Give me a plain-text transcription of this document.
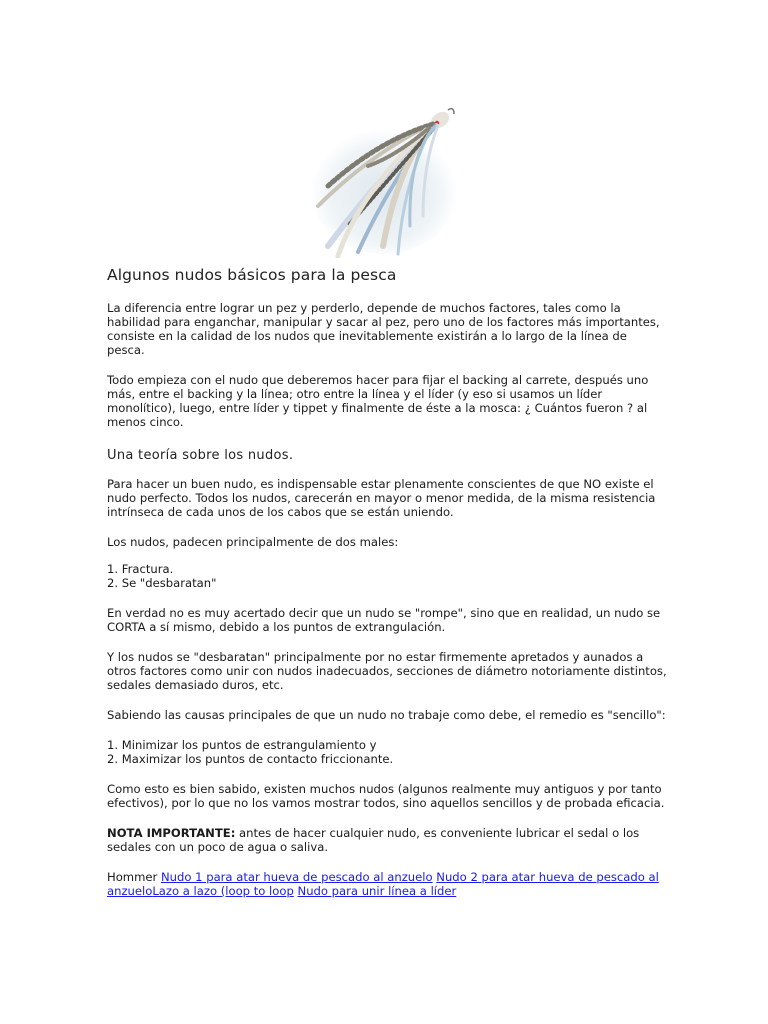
Algunos nudos básicos para la pesca

La diferencia entre lograr un pez y perderlo, depende de muchos factores, tales como la habilidad para enganchar, manipular y sacar al pez, pero uno de los factores más importantes, consiste en la calidad de los nudos que inevitablemente existirán a lo largo de la línea de pesca.

Todo empieza con el nudo que deberemos hacer para fijar el backing al carrete, después uno más, entre el backing y la línea; otro entre la línea y el líder (y eso si usamos un líder monolítico), luego, entre líder y tippet y finalmente de éste a la mosca: ¿ Cuántos fueron ? al menos cinco.

Una teoría sobre los nudos.

Para hacer un buen nudo, es indispensable estar plenamente conscientes de que NO existe el nudo perfecto. Todos los nudos, carecerán en mayor o menor medida, de la misma resistencia intrínseca de cada unos de los cabos que se están uniendo.

Los nudos, padecen principalmente de dos males:

1. Fractura.
2. Se "desbaratan"

En verdad no es muy acertado decir que un nudo se "rompe", sino que en realidad, un nudo se CORTA a sí mismo, debido a los puntos de extrangulación.

Y los nudos se "desbaratan" principalmente por no estar firmemente apretados y aunados a otros factores como unir con nudos inadecuados, secciones de diámetro notoriamente distintos, sedales demasiado duros, etc.

Sabiendo las causas principales de que un nudo no trabaje como debe, el remedio es "sencillo":

1. Minimizar los puntos de estrangulamiento y
2. Maximizar los puntos de contacto friccionante.

Como esto es bien sabido, existen muchos nudos (algunos realmente muy antiguos y por tanto efectivos), por lo que no los vamos mostrar todos, sino aquellos sencillos y de probada eficacia.

NOTA IMPORTANTE: antes de hacer cualquier nudo, es conveniente lubricar el sedal o los sedales con un poco de agua o saliva.

Hommer Nudo 1 para atar hueva de pescado al anzuelo Nudo 2 para atar hueva de pescado al anzueloLazo a lazo (loop to loop Nudo para unir línea a líder
